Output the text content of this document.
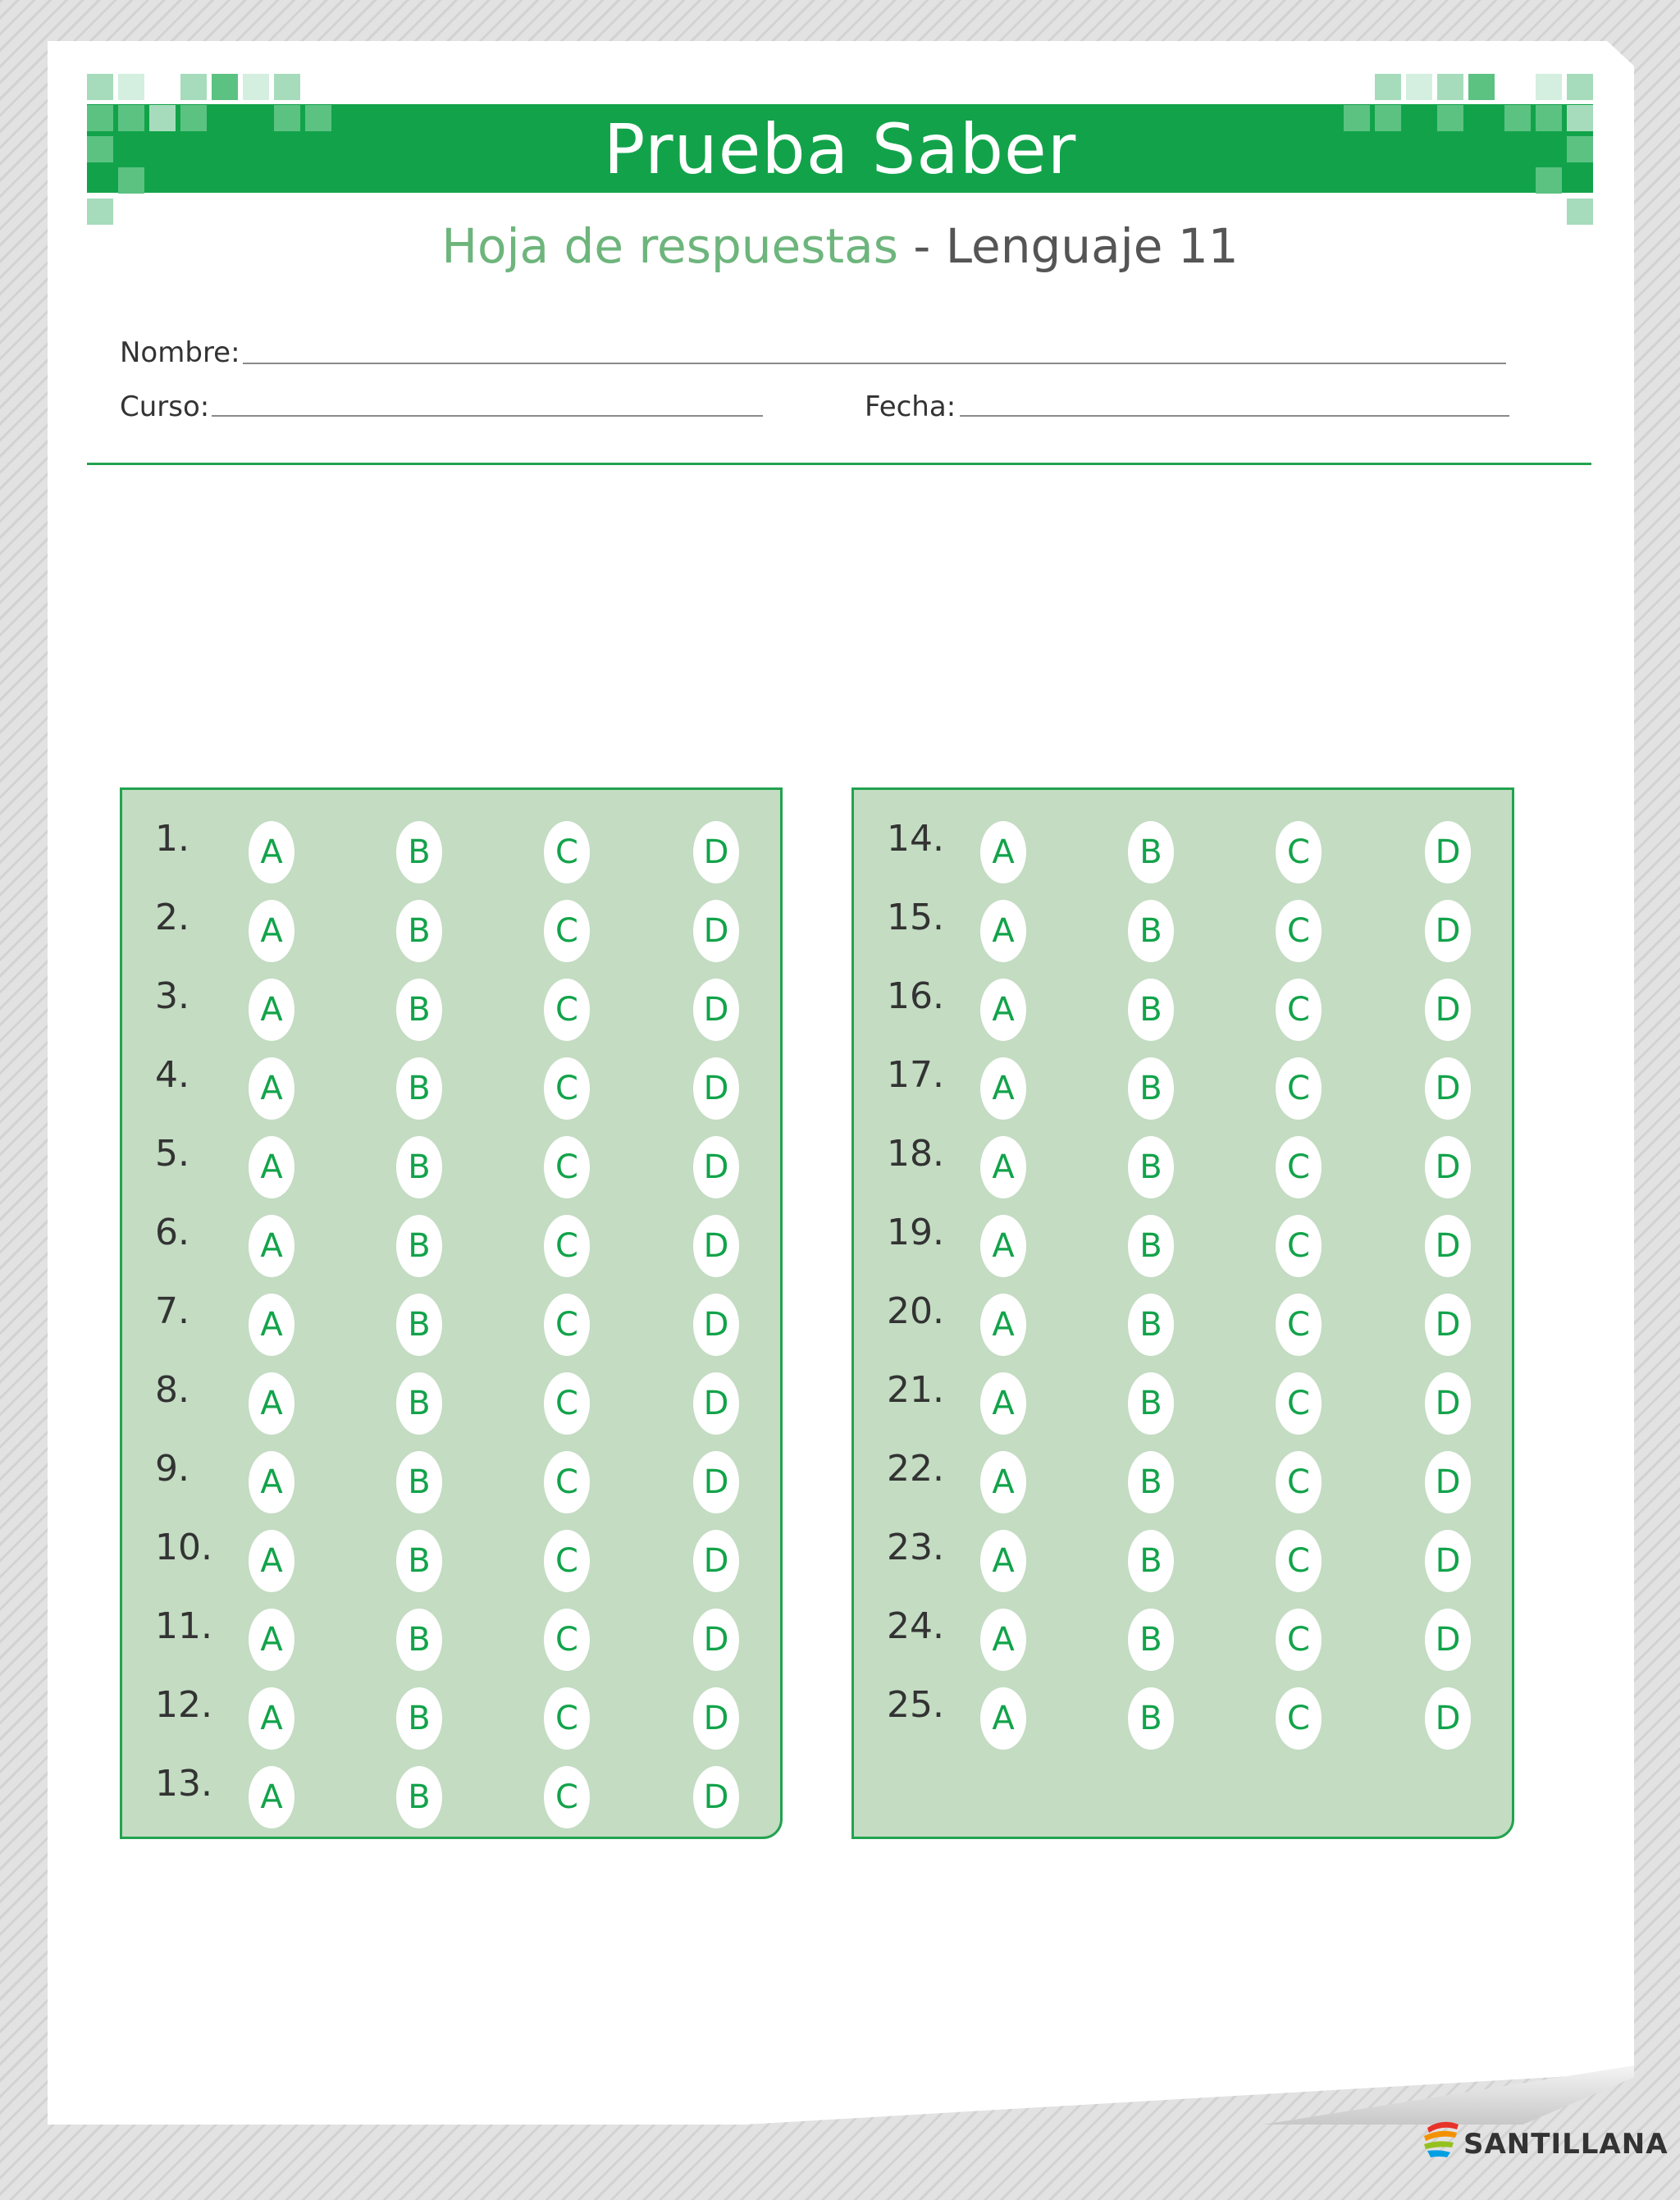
Prueba Saber
Hoja de respuestas - Lenguaje 11
Nombre:
Curso:	Fecha:
1.	A	B	C	D
2.	A	B	C	D
3.	A	B	C	D
4.	A	B	C	D
5.	A	B	C	D
6.	A	B	C	D
7.	A	B	C	D
8.	A	B	C	D
9.	A	B	C	D
10.	A	B	C	D
11.	A	B	C	D
12.	A	B	C	D
13.	A	B	C	D
14.	A	B	C	D
15.	A	B	C	D
16.	A	B	C	D
17.	A	B	C	D
18.	A	B	C	D
19.	A	B	C	D
20.	A	B	C	D
21.	A	B	C	D
22.	A	B	C	D
23.	A	B	C	D
24.	A	B	C	D
25.	A	B	C	D
SANTILLANA
